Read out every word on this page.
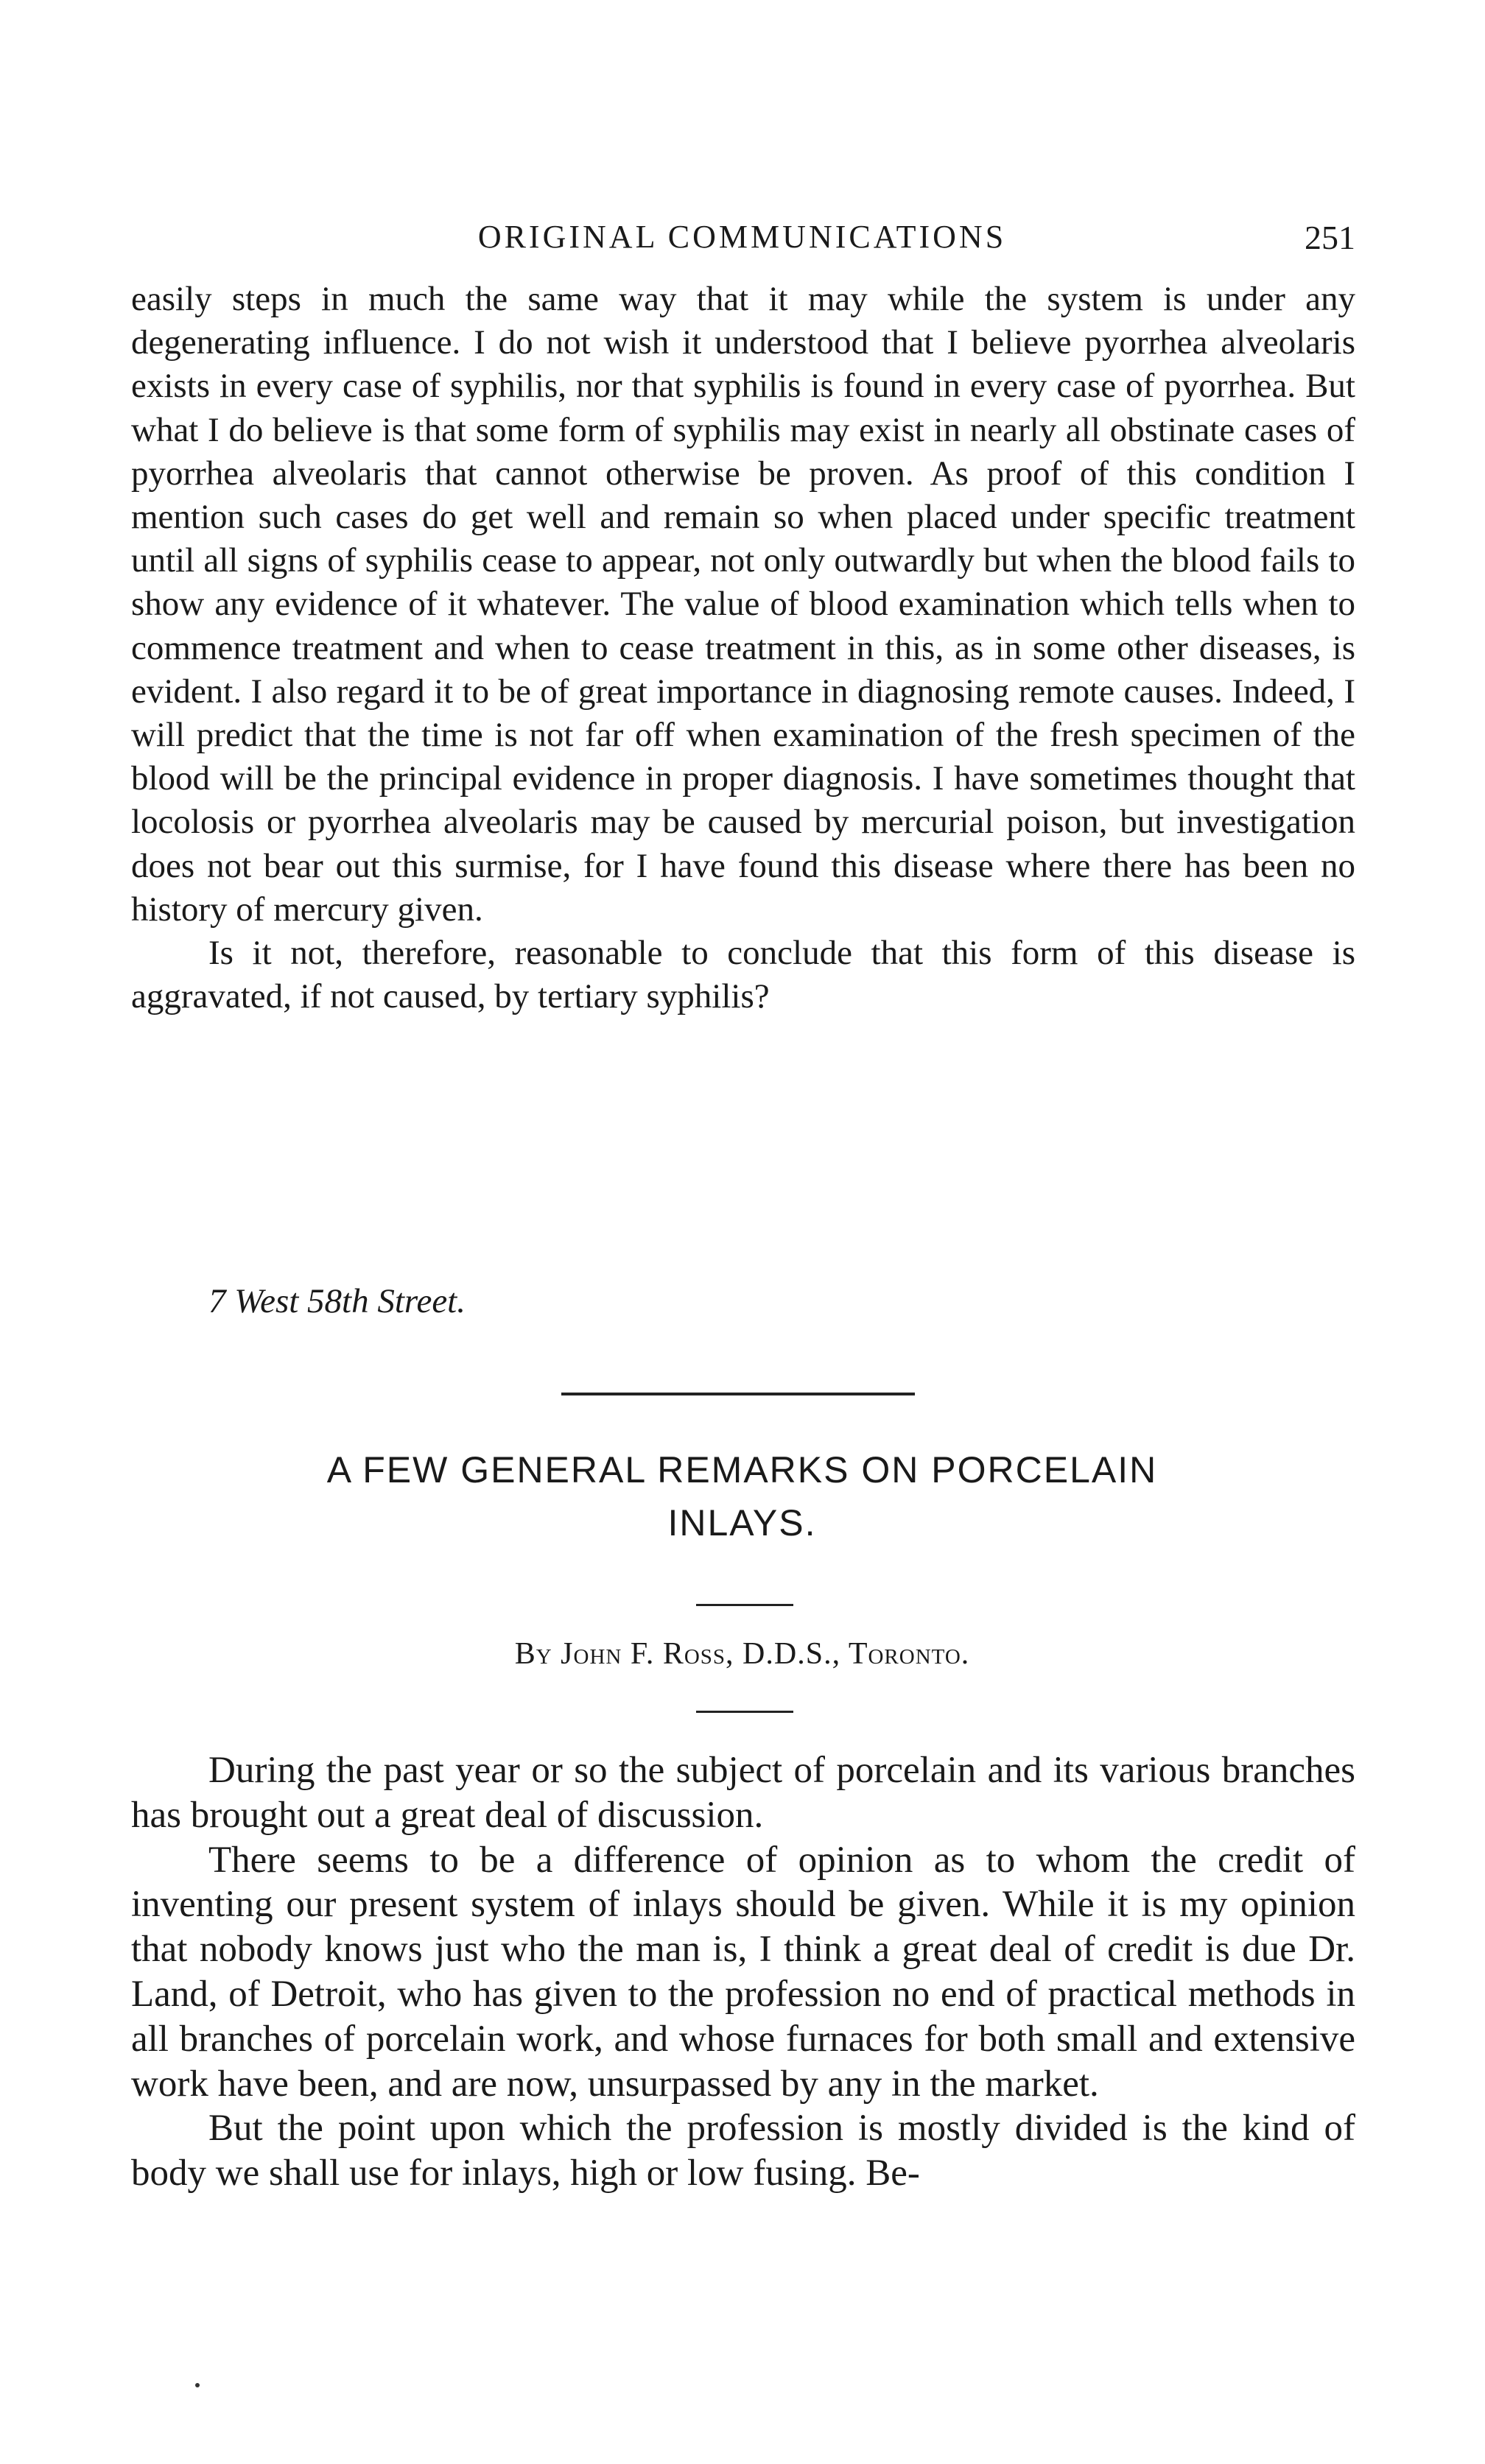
ORIGINAL COMMUNICATIONS	251

easily steps in much the same way that it may while the system is under any degenerating influence. I do not wish it understood that I believe pyorrhea alveolaris exists in every case of syphilis, nor that syphilis is found in every case of pyorrhea. But what I do believe is that some form of syphilis may exist in nearly all obstinate cases of pyorrhea alveolaris that cannot otherwise be proven. As proof of this condition I mention such cases do get well and remain so when placed under specific treatment until all signs of syphilis cease to appear, not only outwardly but when the blood fails to show any evidence of it whatever. The value of blood examination which tells when to commence treatment and when to cease treatment in this, as in some other diseases, is evident. I also regard it to be of great importance in diagnosing remote causes. Indeed, I will predict that the time is not far off when examination of the fresh specimen of the blood will be the principal evidence in proper diagnosis. I have sometimes thought that locolosis or pyorrhea alveolaris may be caused by mercurial poison, but investigation does not bear out this surmise, for I have found this disease where there has been no history of mercury given.

Is it not, therefore, reasonable to conclude that this form of this disease is aggravated, if not caused, by tertiary syphilis?

7 West 58th Street.
A FEW GENERAL REMARKS ON PORCELAIN
INLAYS.
By John F. Ross, D.D.S., Toronto.

During the past year or so the subject of porcelain and its various branches has brought out a great deal of discussion.

There seems to be a difference of opinion as to whom the credit of inventing our present system of inlays should be given. While it is my opinion that nobody knows just who the man is, I think a great deal of credit is due Dr. Land, of Detroit, who has given to the profession no end of practical methods in all branches of porcelain work, and whose furnaces for both small and extensive work have been, and are now, unsurpassed by any in the market.

But the point upon which the profession is mostly divided is the kind of body we shall use for inlays, high or low fusing. Be-
